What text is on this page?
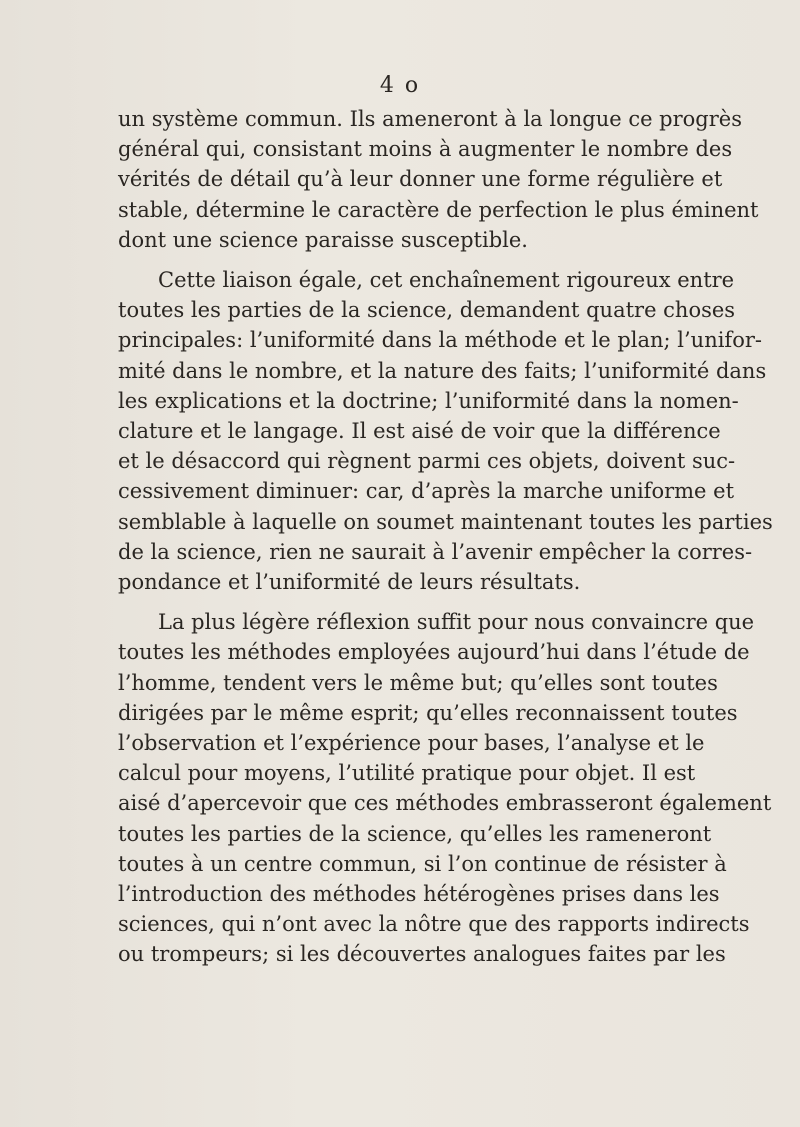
4 o

un système commun. Ils ameneront à la longue ce progrès
général qui, consistant moins à augmenter le nombre des
vérités de détail qu’à leur donner une forme régulière et
stable, détermine le caractère de perfection le plus éminent
dont une science paraisse susceptible.

Cette liaison égale, cet enchaînement rigoureux entre
toutes les parties de la science, demandent quatre choses
principales: l’uniformité dans la méthode et le plan; l’unifor-
mité dans le nombre, et la nature des faits; l’uniformité dans
les explications et la doctrine; l’uniformité dans la nomen-
clature et le langage. Il est aisé de voir que la différence
et le désaccord qui règnent parmi ces objets, doivent suc-
cessivement diminuer: car, d’après la marche uniforme et
semblable à laquelle on soumet maintenant toutes les parties
de la science, rien ne saurait à l’avenir empêcher la corres-
pondance et l’uniformité de leurs résultats.

La plus légère réflexion suffit pour nous convaincre que
toutes les méthodes employées aujourd’hui dans l’étude de
l’homme, tendent vers le même but; qu’elles sont toutes
dirigées par le même esprit; qu’elles reconnaissent toutes
l’observation et l’expérience pour bases, l’analyse et le
calcul pour moyens, l’utilité pratique pour objet. Il est
aisé d’apercevoir que ces méthodes embrasseront également
toutes les parties de la science, qu’elles les rameneront
toutes à un centre commun, si l’on continue de résister à
l’introduction des méthodes hétérogènes prises dans les
sciences, qui n’ont avec la nôtre que des rapports indirects
ou trompeurs; si les découvertes analogues faites par les
